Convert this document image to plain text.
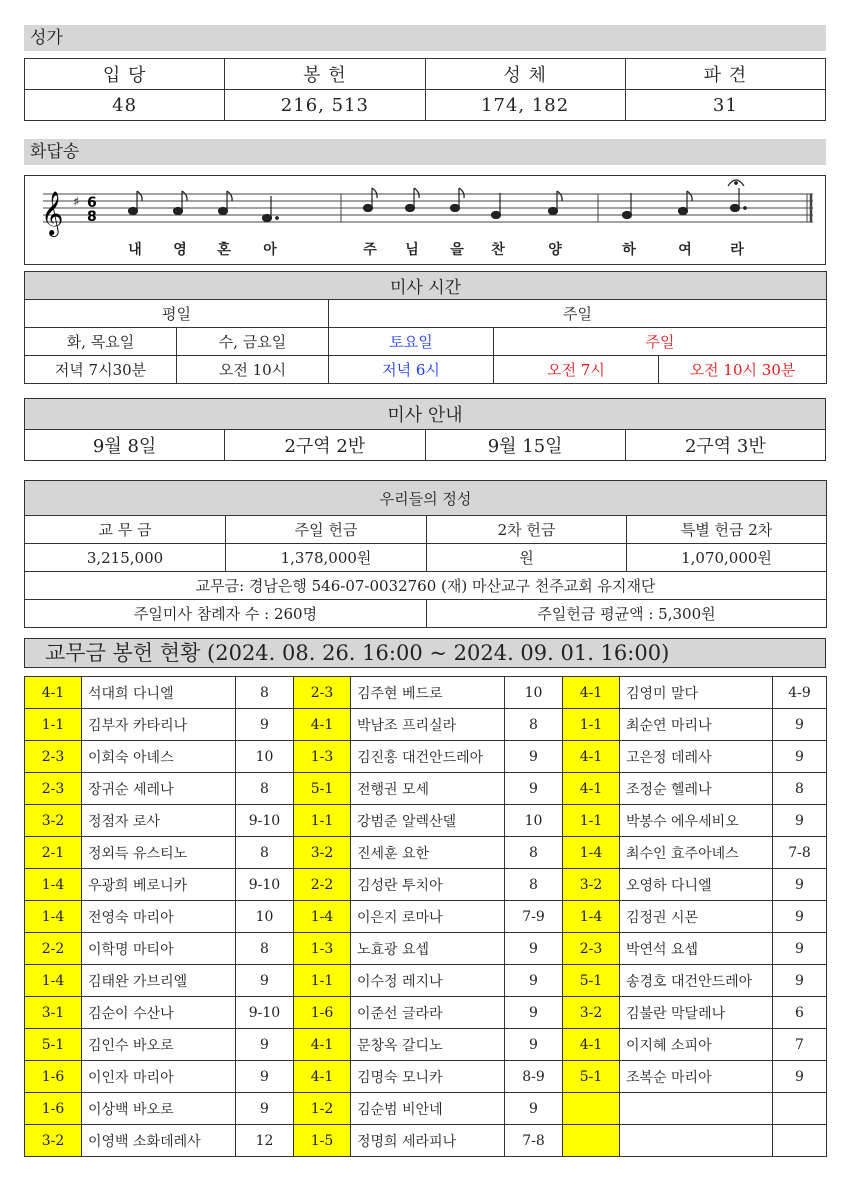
성가
입 당	봉 헌	성 체	파 견
48	216, 513	174, 182	31
화답송
𝄞 ♯ 6
8
내 영 혼 아	주 님 을 찬	양	하	여	라
미사 시간				
평일		주일		
화, 목요일	수, 금요일	토요일	주일	
저녁 7시30분	오전 10시	저녁 6시	오전 7시	오전 10시 30분
미사 안내
9월 8일	2구역 2반	9월 15일	2구역 3반
우리들의 정성			
교 무 금	주일 헌금	2차 헌금	특별 헌금 2차
3,215,000	1,378,000원	원	1,070,000원
교무금: 경남은행 546-07-0032760 (재) 마산교구 천주교회 유지재단			
주일미사 참례자 수 : 260명		주일헌금 평균액 : 5,300원	
교무금 봉헌 현황 (2024. 08. 26. 16:00 ~ 2024. 09. 01. 16:00)
4-1	석대희 다니엘	8	2-3	김주현 베드로	10	4-1	김영미 말다	4-9
1-1	김부자 카타리나	9	4-1	박남조 프리실라	8	1-1	최순연 마리나	9
2-3	이회숙 아녜스	10	1-3	김진홍 대건안드레아	9	4-1	고은정 데레사	9
2-3	장귀순 세레나	8	5-1	전행권 모세	9	4-1	조정순 헬레나	8
3-2	정점자 로사	9-10	1-1	강범준 알렉산델	10	1-1	박봉수 에우세비오	9
2-1	정외득 유스티노	8	3-2	진세훈 요한	8	1-4	최수인 효주아녜스	7-8
1-4	우광희 베로니카	9-10	2-2	김성란 투치아	8	3-2	오영하 다니엘	9
1-4	전영숙 마리아	10	1-4	이은지 로마나	7-9	1-4	김정권 시몬	9
2-2	이학명 마티아	8	1-3	노효광 요셉	9	2-3	박연석 요셉	9
1-4	김태완 가브리엘	9	1-1	이수정 레지나	9	5-1	송경호 대건안드레아	9
3-1	김순이 수산나	9-10	1-6	이준선 글라라	9	3-2	김불란 막달레나	6
5-1	김인수 바오로	9	4-1	문창옥 갈디노	9	4-1	이지혜 소피아	7
1-6	이인자 마리아	9	4-1	김명숙 모니카	8-9	5-1	조복순 마리아	9
1-6	이상백 바오로	9	1-2	김순범 비안네	9			
3-2	이영백 소화데레사	12	1-5	정명희 세라피나	7-8			
